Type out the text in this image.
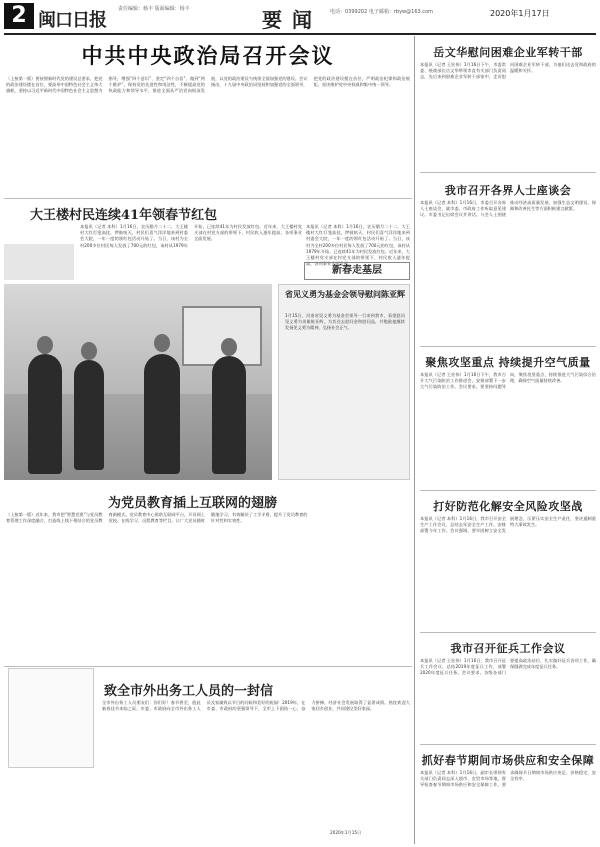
2 闽口日报
责任编辑：杨丰 版面编辑：杨丰	要闻 电话：0399202 电子邮箱：rbyw@163.com	2020年1月17日
中共中央政治局召开会议
（上接第一版）要按照新时代党的建设总要求，把党的政治建设摆在首位，要高举中国特色社会主义伟大旗帜，坚持以习近平新时代中国特色社会主义思想为指导，增强“四个意识”、坚定“四个自信”、做到“两个维护”，保持党的先进性和纯洁性，不断提高党的执政能力和领导水平，推进全面从严治党向纵深发展，以党的政治建设为统领全面加强党的建设。会议指出，十九届中央政治局坚持和加强党的全面领导，把党的政治建设摆在首位，严明政治纪律和政治规矩，坚决维护党中央权威和集中统一领导。
大王楼村民连续41年领春节红包
本报讯（记者 本科）1月16日，农历腊月二十二，大王楼村大红灯笼高挂，锣鼓喧天，村民们喜气洋洋地来到村委会大院，一年一度的领红包活动开始了。当日，该村为全村200多位村民每人发放了700元的红包，该村从1979年开始，已连续41年为村民发放红包。近年来，大王楼村党支部在村党支部的带领下，村民收入逐年提高，各项事业全面发展。
本报讯（记者 本科）1月16日，农历腊月二十二，大王楼村大红灯笼高挂，锣鼓喧天，村民们喜气洋洋地来到村委会大院，一年一度的领红包活动开始了。当日，该村为全村200多位村民每人发放了700元的红包，该村从1979年开始，已连续41年为村民发放红包。近年来，大王楼村党支部在村党支部的带领下，村民收入逐年提高，各项事业全面发展。
新春走基层
省见义勇为基金会领导慰问陈亚辉
1月15日，河南省见义勇为基金会领导一行来到我市，看望慰问见义勇为英雄陈亚辉，为其送去慰问金和慰问品，并勉励他继续发扬见义勇为精神，弘扬社会正气。
为党员教育插上互联网的翅膀
（上接第一版）近年来，我市把“智慧党建”与党员教育管理工作深度融合，打造线上线下相结合的党员教育新模式。党员教育中心借助互联网平台，开设网上党校、在线学习、远程教育等栏目，让广大党员随时随地学习，有效解决了工学矛盾，提升了党员教育的针对性和实效性。
致全市外出务工人员的一封信
全市外出务工人员朋友们：你们好！春节将至，值此新春佳节来临之际，市委、市政府向全市外出务工人员及家属致以节日的问候和美好的祝福！2019年，在市委、市政府的坚强领导下，全市上下团结一心、奋力拼搏，经济社会发展取得了显著成绩。热忱欢迎大家回乡创业，共同建设美好家园。
2020年1月15日
岳文华慰问困难企业军转干部
本报讯（记者 王宏伟）1月16日下午，市委常委、统战部长岳文华带领市直有关部门负责同志，先后来到困难企业军转干部家中，走访慰问困难企业军转干部，为他们送去党和政府的温暖和关怀。
我市召开各界人士座谈会
本报讯（记者 本科）1月16日，市委召开各界人士座谈会，就市委、市政府工作听取意见建议。市委书记出席会议并讲话。与会人士围绕推动经济高质量发展、加强生态文明建设、保障和改善民生等方面积极建言献策。
聚焦攻坚重点 持续提升空气质量
本报讯（记者 王宏伟）1月16日下午，我市召开大气污染防治工作推进会，安排部署下一步大气污染防治工作。会议要求，要坚持问题导向，聚焦攻坚重点，持续推进大气污染综合治理，确保空气质量持续改善。
打好防范化解安全风险攻坚战
本报讯（记者 本科）1月16日，我市召开安全生产工作会议，总结去年安全生产工作，安排部署今年工作。会议强调，要牢固树立安全发展理念，压紧压实安全生产责任，坚决遏制重特大事故发生。
我市召开征兵工作会议
本报讯（记者 王宏伟）1月16日，我市召开征兵工作会议，总结2019年度征兵工作，部署2020年度征兵任务。会议要求，各级各部门要提高政治站位，扎实做好征兵各项工作，确保圆满完成年度征兵任务。
抓好春节期间市场供应和安全保障
本报讯（记者 本科）1月16日，副市长带领有关部门负责同志深入超市、农贸市场等地，督导检查春节期间市场供应和安全保障工作，要求确保节日期间市场供应充足、价格稳定、安全有序。
